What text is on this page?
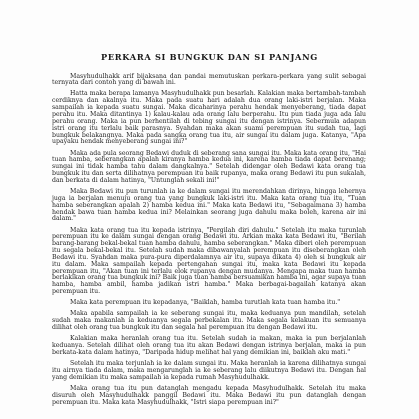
PERKARA SI BUNGKUK DAN SI PANJANG

Masyhudulhakk arif bijaksana dan pandai memutuskan perkara-perkara yang sulit sebagai ternyata dari contoh yang di bawah ini.

Hatta maka berapa lamanya Masyhudulhakk pun besarlah. Kalakian maka bertambah-tambah cerdiknya dan akalnya itu. Maka pada suatu hari adalah dua orang laki-istri berjalan. Maka sampailah ia kepada suatu sungai. Maka dicaharinya perahu hendak menyeberang, tiada dapat perahu itu. Maka ditantinya 1) kalau-kalau ada orang lalu berperahu. Itu pun tiada juga ada lalu perahu orang. Maka ia pun berhentilah di tebing sungai itu dengan istrinya. Sebermula adapun istri orang itu terlalu baik parasnya. Syahdan maka akan suami perempuan itu sudah tua, lagi bungkuk belakangnya. Maka pada sangka orang tua itu, air sungai itu dalam juga. Katanya, "Apa upayaku hendak menyeberang sungai ini?"

Maka ada pula seorang Bedawi duduk di seberang sana sungai itu. Maka kata orang itu, "Hai tuan hamba, seberangkan apalah kiranya hamba kedua ini, karena hamba tiada dapat berenang; sungai ini tidak hamba tahu dalam dangkalnya." Setelah didengar oleh Bedawi kata orang tua bungkuk itu dan serta dilihatnya perempuan itu baik rupanya, maka orang Bedawi itu pun sukalah, dan berkata di dalam hatinya, "Untunglah sekali ini!"

Maka Bedawi itu pun turunlah ia ke dalam sungai itu merendahkan dirinya, hingga lehernya juga ia berjalan menuju orang tua yang bungkuk laki-istri itu. Maka kata orang tua itu, "Tuan hamba seberangkan apalah 2) hamba kedua ini." Maka kata Bedawi itu, "Sebagaimana 3) hamba hendak bawa tuan hamba kedua ini? Melainkan seorang juga dahulu maka boleh, karena air ini dalam."

Maka kata orang tua itu kepada istrinya, "Pergilah diri dahulu." Setelah itu maka turunlah perempuan itu ke dalam sungai dengan orang Bedawi itu. Arkian maka kata Bedawi itu, "Berilah barang-barang bekal-bekal tuan hamba dahulu, hamba seberangkan." Maka diberi oleh perempuan itu segala bekal-bekal itu. Setelah sudah maka dibawanyalah perempuan itu diseberangkan oleh Bedawi itu. Syahdan maka pura-pura diperdalamnya air itu, supaya dikata 4) oleh si bungkuk air itu dalam. Maka sampailah kepada pertengahan sungai itu, maka kata Bedawi itu kepada perempuan itu, "Akan tuan ini terlalu elok rupanya dengan mudanya. Mengapa maka tuan hamba berlakikan orang tua bungkuk ini? Baik juga tuan hamba bersuamikan hamba ini, agar supaya tuan hamba, hamba ambil, hamba jadikan istri hamba." Maka berbagai-bagailah katanya akan perempuan itu.

Maka kata perempuan itu kepadanya, "Baiklah, hamba turutlah kata tuan hamba itu."

Maka apabila sampailah ia ke seberang sungai itu, maka keduanya pun mandilah, setelah sudah maka makanlah ia keduanya segala perbekalan itu. Maka segala kelakuan itu semuanya dilihat oleh orang tua bungkuk itu dan segala hal perempuan itu dengan Bedawi itu.

Kalakian maka heranlah orang tua itu. Setelah sudah ia makan, maka ia pun berjalanlah keduanya. Setelah dilihat oleh orang tua itu akan Bedawi dengan istrinya berjalan, maka ia pun berkata-kata dalam hatinya, "Daripada hidup melihat hal yang demikian ini, baiklah aku mati."

Setelah itu maka terjunlah ia ke dalam sungai itu. Maka heranlah ia karena dilihatnya sungai itu airnya tiada dalam, maka mengarunglah ia ke seberang lalu diikutnya Bedawi itu. Dengan hal yang demikian itu maka sampailah ia kepada rumah Masyhudulhakk.

Maka orang tua itu pun datanglah mengadu kepada Masyhudulhakk. Setelah itu maka disuruh oleh Masyhudulhakk panggil Bedawi itu. Maka Bedawi itu pun datanglah dengan perempuan itu. Maka kata Masyhudulhakk, "Istri siapa perempuan ini?"
